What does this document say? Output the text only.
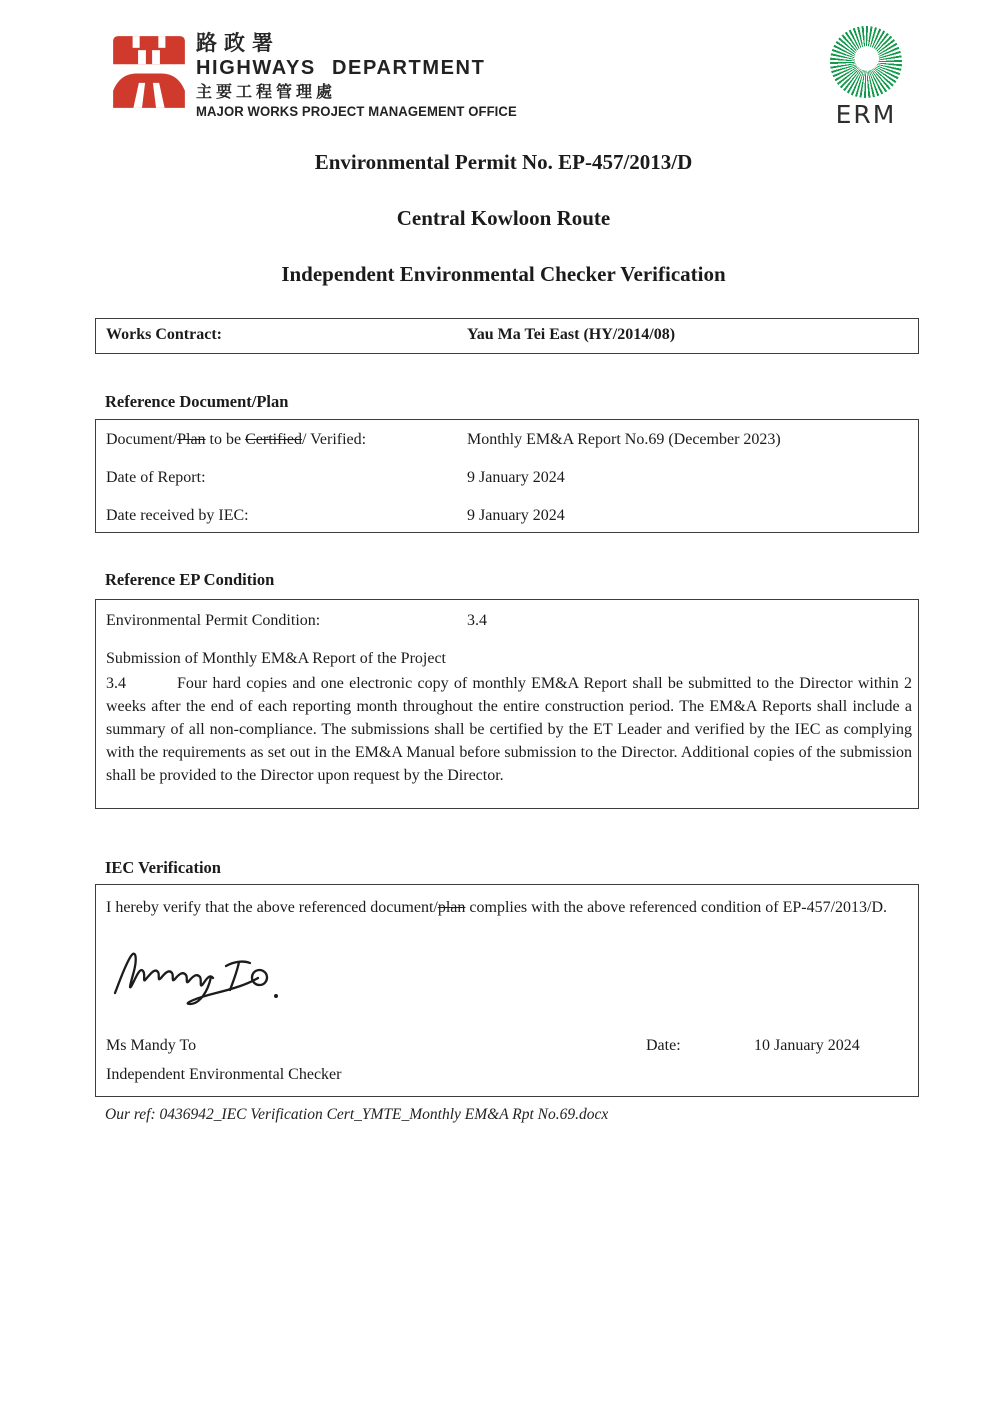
路政署
HIGHWAYS DEPARTMENT
主要工程管理處
MAJOR WORKS PROJECT MANAGEMENT OFFICE	ERM
Environmental Permit No. EP-457/2013/D
Central Kowloon Route
Independent Environmental Checker Verification
Works Contract:	Yau Ma Tei East (HY/2014/08)
Reference Document/Plan
Document/Plan to be Certified/ Verified:	Monthly EM&A Report No.69 (December 2023)
Date of Report:	9 January 2024
Date received by IEC:	9 January 2024
Reference EP Condition
Environmental Permit Condition:	3.4
Submission of Monthly EM&A Report of the Project
3.4	Four hard copies and one electronic copy of monthly EM&A Report shall be submitted to the Director within 2 weeks after the end of each reporting month throughout the entire construction period. The EM&A Reports shall include a summary of all non-compliance. The submissions shall be certified by the ET Leader and verified by the IEC as complying with the requirements as set out in the EM&A Manual before submission to the Director. Additional copies of the submission shall be provided to the Director upon request by the Director.
IEC Verification
I hereby verify that the above referenced document/plan complies with the above referenced condition of EP-457/2013/D.
Ms Mandy To	Date:	10 January 2024
Independent Environmental Checker
Our ref: 0436942_IEC Verification Cert_YMTE_Monthly EM&A Rpt No.69.docx
